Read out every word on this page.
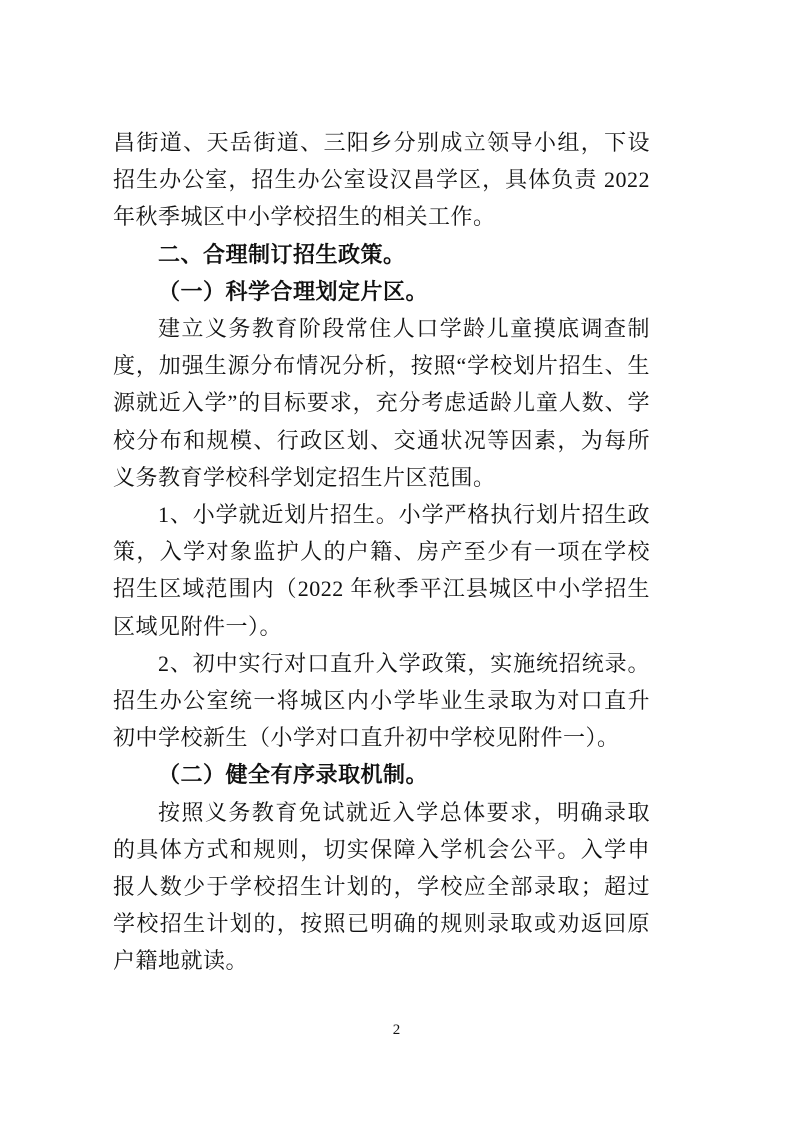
昌街道、天岳街道、三阳乡分别成立领导小组，下设招生办公室，招生办公室设汉昌学区，具体负责 2022 年秋季城区中小学校招生的相关工作。

二、合理制订招生政策。

（一）科学合理划定片区。

建立义务教育阶段常住人口学龄儿童摸底调查制度，加强生源分布情况分析，按照“学校划片招生、生源就近入学”的目标要求，充分考虑适龄儿童人数、学校分布和规模、行政区划、交通状况等因素，为每所义务教育学校科学划定招生片区范围。

1、小学就近划片招生。小学严格执行划片招生政策，入学对象监护人的户籍、房产至少有一项在学校招生区域范围内（2022 年秋季平江县城区中小学招生区域见附件一）。

2、初中实行对口直升入学政策，实施统招统录。招生办公室统一将城区内小学毕业生录取为对口直升初中学校新生（小学对口直升初中学校见附件一）。

（二）健全有序录取机制。

按照义务教育免试就近入学总体要求，明确录取的具体方式和规则，切实保障入学机会公平。入学申报人数少于学校招生计划的，学校应全部录取；超过学校招生计划的，按照已明确的规则录取或劝返回原户籍地就读。

2
